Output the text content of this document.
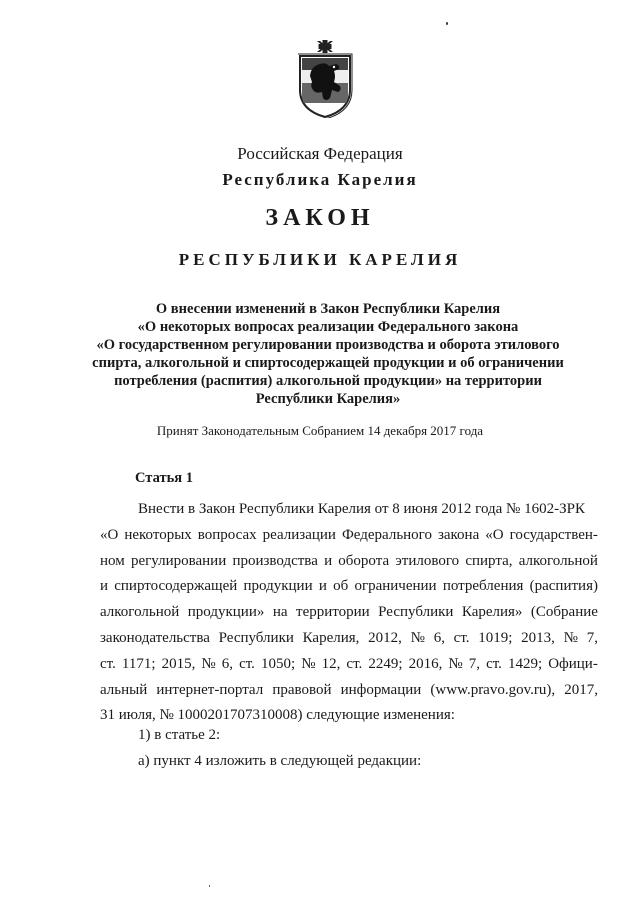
Российская Федерация
Республика Карелия
ЗАКОН
РЕСПУБЛИКИ КАРЕЛИЯ
О внесении изменений в Закон Республики Карелия
«О некоторых вопросах реализации Федерального закона
«О государственном регулировании производства и оборота этилового
спирта, алкогольной и спиртосодержащей продукции и об ограничении
потребления (распития) алкогольной продукции» на территории
Республики Карелия»
Принят Законодательным Собранием 14 декабря 2017 года
Статья 1
Внести в Закон Республики Карелия от 8 июня 2012 года № 1602-ЗРК
«О некоторых вопросах реализации Федерального закона «О государствен-
ном регулировании производства и оборота этилового спирта, алкогольной
и спиртосодержащей продукции и об ограничении потребления (распития)
алкогольной продукции» на территории Республики Карелия» (Собрание
законодательства Республики Карелия, 2012, № 6, ст. 1019; 2013, № 7,
ст. 1171; 2015, № 6, ст. 1050; № 12, ст. 2249; 2016, № 7, ст. 1429; Офици-
альный интернет-портал правовой информации (www.pravo.gov.ru), 2017,
31 июля, № 1000201707310008) следующие изменения:
1) в статье 2:
а) пункт 4 изложить в следующей редакции:
